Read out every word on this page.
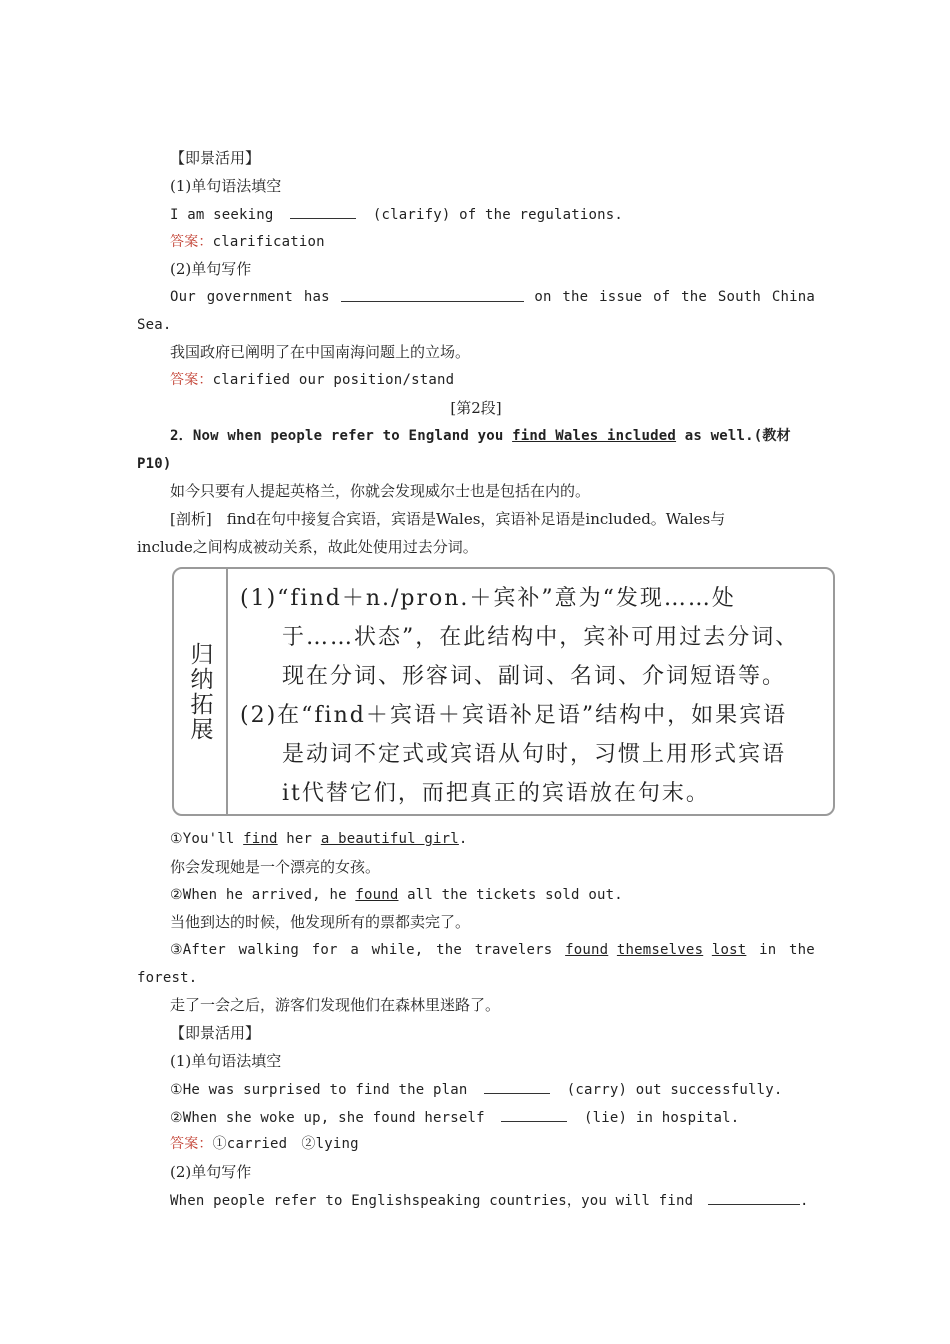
【即景活用】
(1)单句语法填空
I am seeking	(clarify) of the regulations.
答案：clarification
(2)单句写作
Our government has	on the issue of the South China
Sea.
我国政府已阐明了在中国南海问题上的立场。
答案：clarified our position/stand
[第2段]
2．Now when people refer to England you find Wales included as well.(教材
P10)
如今只要有人提起英格兰，你就会发现威尔士也是包括在内的。
[剖析]　find在句中接复合宾语，宾语是Wales，宾语补足语是included。Wales与
include之间构成被动关系，故此处使用过去分词。
归纳拓展
(1)“find＋n./pron.＋宾补”意为“发现……处
于……状态”，在此结构中，宾补可用过去分词、
现在分词、形容词、副词、名词、介词短语等。
(2)在“find＋宾语＋宾语补足语”结构中，如果宾语
是动词不定式或宾语从句时，习惯上用形式宾语
it代替它们，而把真正的宾语放在句末。
①You'll find her a beautiful girl.
你会发现她是一个漂亮的女孩。
②When he arrived, he found all the tickets sold out.
当他到达的时候，他发现所有的票都卖完了。
③After walking for a while, the travelers found themselves lost in the
forest.
走了一会之后，游客们发现他们在森林里迷路了。
【即景活用】
(1)单句语法填空
①He was surprised to find the plan	(carry) out successfully.
②When she woke up, she found herself	(lie) in hospital.
答案：①carried　②lying
(2)单句写作
When people refer to Englishspeaking countries，you will find	.
